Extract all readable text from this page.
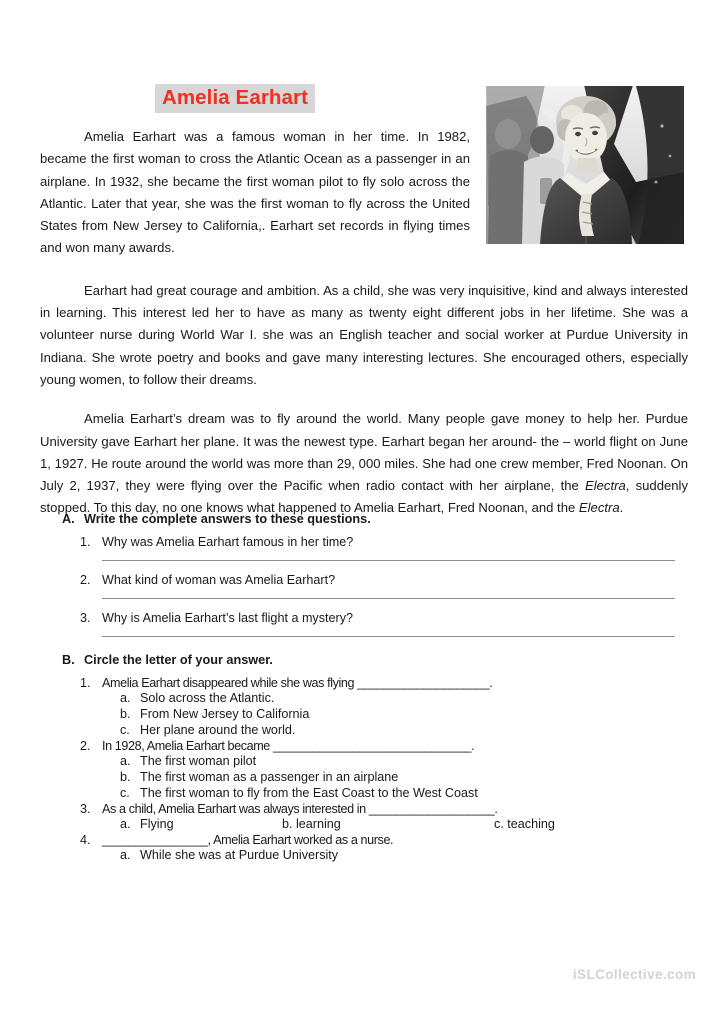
Amelia Earhart

Amelia Earhart was a famous woman in her time. In 1982, became the first woman to cross the Atlantic Ocean as a passenger in an airplane. In 1932, she became the first woman pilot to fly solo across the Atlantic. Later that year, she was the first woman to fly across the United States from New Jersey to California,. Earhart set records in flying times and won many awards.

Earhart had great courage and ambition. As a child, she was very inquisitive, kind and always interested in learning. This interest led her to have as many as twenty eight different jobs in her lifetime. She was a volunteer nurse during World War I. she was an English teacher and social worker at Purdue University in Indiana. She wrote poetry and books and gave many interesting lectures. She encouraged others, especially young women, to follow their dreams.

Amelia Earhart’s dream was to fly around the world. Many people gave money to help her. Purdue University gave Earhart her plane. It was the newest type. Earhart began her around- the – world flight on June 1, 1927. He route around the world was more than 29, 000 miles. She had one crew member, Fred Noonan. On July 2, 1937, they were flying over the Pacific when radio contact with her airplane, the Electra, suddenly stopped. To this day, no one knows what happened to Amelia Earhart, Fred Noonan, and the Electra.

A. Write the complete answers to these questions.
1. Why was Amelia Earhart famous in her time?
2. What kind of woman was Amelia Earhart?
3. Why is Amelia Earhart’s last flight a mystery?
B. Circle the letter of your answer.
1. Amelia Earhart disappeared while she was flying ____________________.
a. Solo across the Atlantic.
b. From New Jersey to California
c. Her plane around the world.
2. In 1928, Amelia Earhart became ______________________________.
a. The first woman pilot
b. The first woman as a passenger in an airplane
c. The first woman to fly from the East Coast to the West Coast
3. As a child, Amelia Earhart was always interested in ___________________.
a. Flying	b. learning	c. teaching
4. ________________, Amelia Earhart worked as a nurse.
a. While she was at Purdue University
iSLCollective.com
